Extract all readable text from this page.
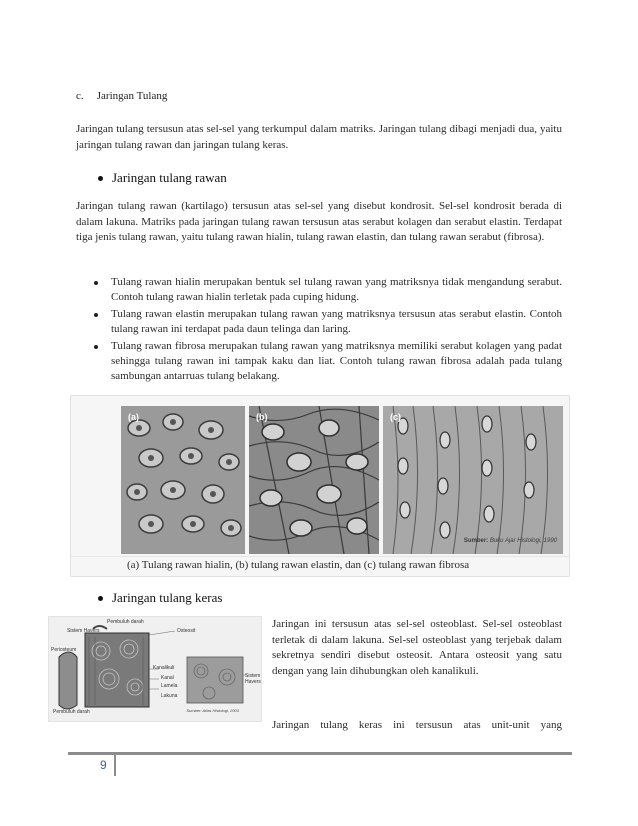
c. Jaringan Tulang
Jaringan tulang tersusun atas sel-sel yang terkumpul dalam matriks. Jaringan tulang dibagi menjadi dua, yaitu jaringan tulang rawan dan jaringan tulang keras.
Jaringan tulang rawan
Jaringan tulang rawan (kartilago) tersusun atas sel-sel yang disebut kondrosit. Sel-sel kondrosit berada di dalam lakuna. Matriks pada jaringan tulang rawan tersusun atas serabut kolagen dan serabut elastin. Terdapat tiga jenis tulang rawan, yaitu tulang rawan hialin, tulang rawan elastin, dan tulang rawan serabut (fibrosa).
Tulang rawan hialin merupakan bentuk sel tulang rawan yang matriksnya tidak mengandung serabut. Contoh tulang rawan hialin terletak pada cuping hidung.
Tulang rawan elastin merupakan tulang rawan yang matriksnya tersusun atas serabut elastin. Contoh tulang rawan ini terdapat pada daun telinga dan laring.
Tulang rawan fibrosa merupakan tulang rawan yang matriksnya memiliki serabut kolagen yang padat sehingga tulang rawan ini tampak kaku dan liat. Contoh tulang rawan fibrosa adalah pada tulang sambungan antarruas tulang belakang.
(a)	(b)	(c)
Sumber: Buku Ajar Histologi, 1990
(a) Tulang rawan hialin, (b) tulang rawan elastin, dan (c) tulang rawan fibrosa
Jaringan tulang keras
Pembuluh darah
Sistem Havers	Osteosit
Periosteum
Kanalikuli
Kanal
Lamela
Lakuna
Sistem Havers
Pembuluh darah	Sumber: Atlas Histologi, 2003
Jaringan ini tersusun atas sel-sel osteoblast. Sel-sel osteoblast terletak di dalam lakuna. Sel-sel osteoblast yang terjebak dalam sekretnya sendiri disebut osteosit. Antara osteosit yang satu dengan yang lain dihubungkan oleh kanalikuli.
Jaringan tulang keras ini tersusun atas unit-unit yang
9
